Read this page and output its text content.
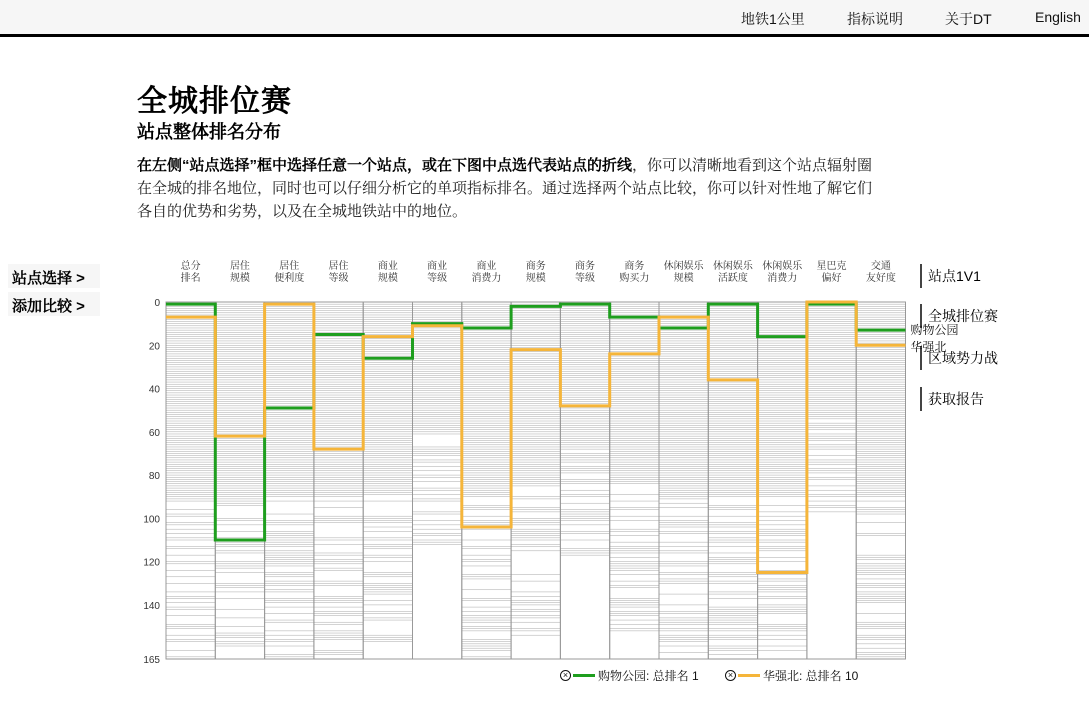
地铁1公里	指标说明	关于DT	English
全城排位赛
站点整体排名分布

在左侧“站点选择”框中选择任意一个站点，或在下图中点选代表站点的折线，你可以清晰地看到这个站点辐射圈在全城的排名地位，同时也可以仔细分析它的单项指标排名。通过选择两个站点比较，你可以针对性地了解它们各自的优势和劣势，以及在全城地铁站中的地位。

站点选择 >
添加比较 >
站点1V1
全城排位赛
区域势力战
获取报告
总分
排名
居住
规模
居住
便利度
居住
等级
商业
规模
商业
等级
商业
消费力
商务
规模
商务
等级
商务
购买力
休闲娱乐
规模
休闲娱乐
活跃度
休闲娱乐
消费力
星巴克
偏好
交通
友好度
0
20
40
60
80
100
120
140
165
购物公园
华强北
× 购物公园: 总排名 1	× 华强北: 总排名 10
